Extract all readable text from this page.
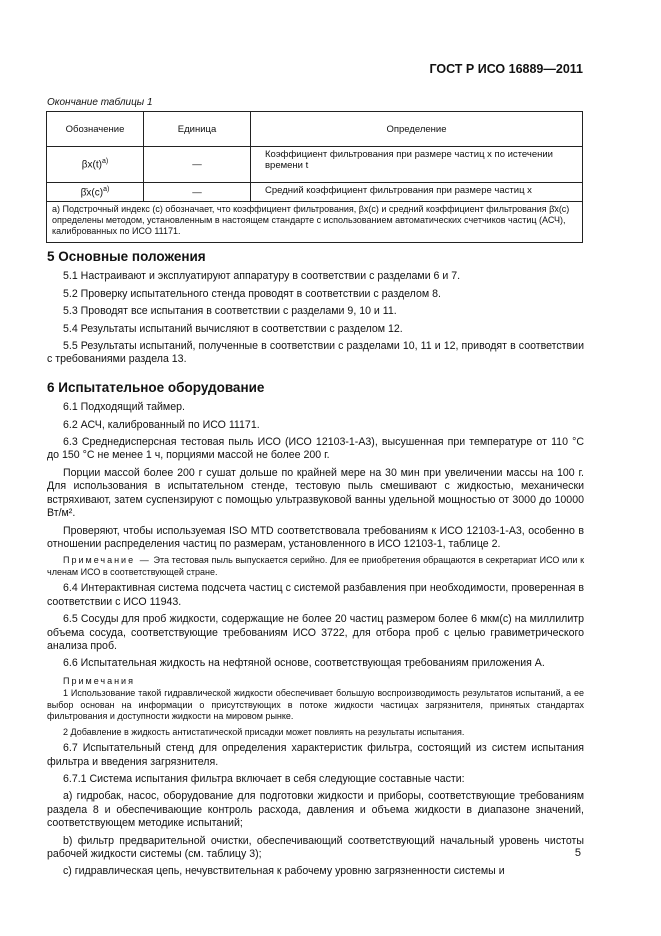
ГОСТ Р ИСО 16889—2011
Окончание таблицы 1
Обозначение	Единица	Определение
$\beta x(t)^{a)}$	—	Коэффициент фильтрования при размере частиц x по истечении времени t
$\betāx(c)^{a)}$	—	Средний коэффициент фильтрования при размере частиц x
a) Подстрочный индекс (c) обозначает, что коэффициент фильтрования, βx(c) и средний коэффициент фильтрования β̄x(c) определены методом, установленным в настоящем стандарте с использованием автоматических счетчиков частиц (АСЧ), калиброванных по ИСО 11171.		
5 Основные положения

5.1 Настраивают и эксплуатируют аппаратуру в соответствии с разделами 6 и 7.

5.2 Проверку испытательного стенда проводят в соответствии с разделом 8.

5.3 Проводят все испытания в соответствии с разделами 9, 10 и 11.

5.4 Результаты испытаний вычисляют в соответствии с разделом 12.

5.5 Результаты испытаний, полученные в соответствии с разделами 10, 11 и 12, приводят в соответствии с требованиями раздела 13.

6 Испытательное оборудование

6.1 Подходящий таймер.

6.2 АСЧ, калиброванный по ИСО 11171.

6.3 Среднедисперсная тестовая пыль ИСО (ИСО 12103-1-А3), высушенная при температуре от 110 °С до 150 °С не менее 1 ч, порциями массой не более 200 г.

Порции массой более 200 г сушат дольше по крайней мере на 30 мин при увеличении массы на 100 г. Для использования в испытательном стенде, тестовую пыль смешивают с жидкостью, механически встряхивают, затем суспензируют с помощью ультразвуковой ванны удельной мощностью от 3000 до 10000 Вт/м².

Проверяют, чтобы используемая ISO MTD соответствовала требованиям к ИСО 12103-1-А3, особенно в отношении распределения частиц по размерам, установленного в ИСО 12103-1, таблице 2.

Примечание — Эта тестовая пыль выпускается серийно. Для ее приобретения обращаются в секретариат ИСО или к членам ИСО в соответствующей стране.

6.4 Интерактивная система подсчета частиц с системой разбавления при необходимости, проверенная в соответствии с ИСО 11943.

6.5 Сосуды для проб жидкости, содержащие не более 20 частиц размером более 6 мкм(с) на миллилитр объема сосуда, соответствующие требованиям ИСО 3722, для отбора проб с целью гравиметрического анализа проб.

6.6 Испытательная жидкость на нефтяной основе, соответствующая требованиям приложения А.

Примечания

1 Использование такой гидравлической жидкости обеспечивает большую воспроизводимость результатов испытаний, а ее выбор основан на информации о присутствующих в потоке жидкости частицах загрязнителя, принятых стандартах фильтрования и доступности жидкости на мировом рынке.

2 Добавление в жидкость антистатической присадки может повлиять на результаты испытания.

6.7 Испытательный стенд для определения характеристик фильтра, состоящий из систем испытания фильтра и введения загрязнителя.

6.7.1 Система испытания фильтра включает в себя следующие составные части:

a) гидробак, насос, оборудование для подготовки жидкости и приборы, соответствующие требованиям раздела 8 и обеспечивающие контроль расхода, давления и объема жидкости в диапазоне значений, соответствующем методике испытаний;

b) фильтр предварительной очистки, обеспечивающий соответствующий начальный уровень чистоты рабочей жидкости системы (см. таблицу 3);

c) гидравлическая цепь, нечувствительная к рабочему уровню загрязненности системы и

5
